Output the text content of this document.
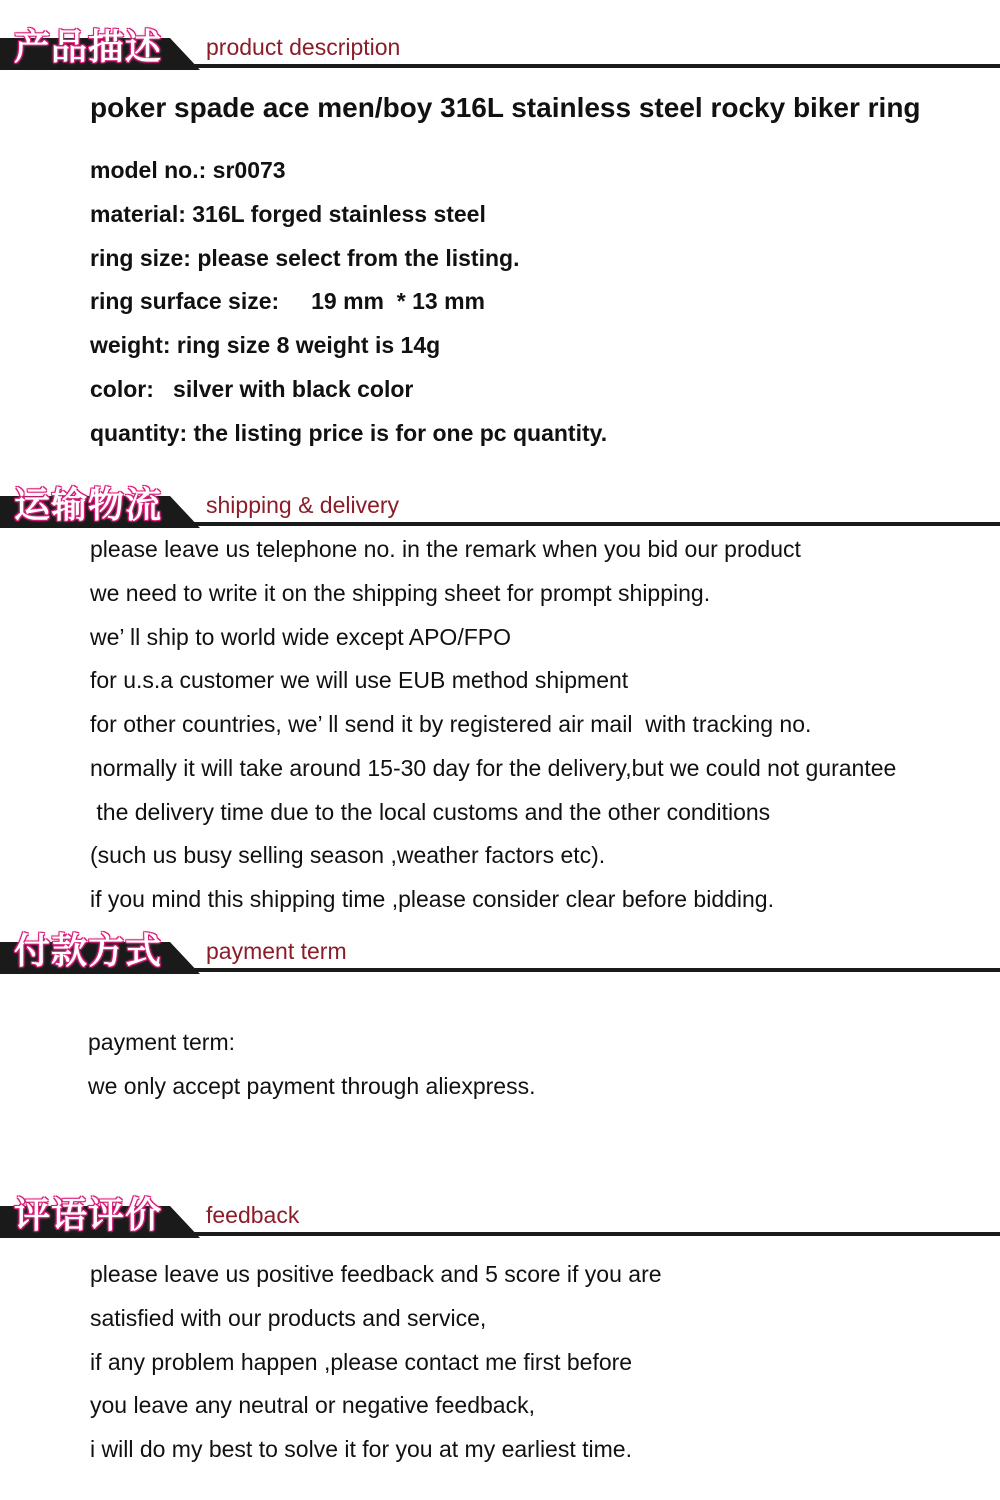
产品描述 product description
poker spade ace men/boy 316L stainless steel rocky biker ring
model no.: sr0073
material: 316L forged stainless steel
ring size: please select from the listing.
ring surface size:     19 mm  * 13 mm
weight: ring size 8 weight is 14g
color:   silver with black color
quantity: the listing price is for one pc quantity.
运输物流 shipping & delivery
please leave us telephone no. in the remark when you bid our product
we need to write it on the shipping sheet for prompt shipping.
we’ ll ship to world wide except APO/FPO
for u.s.a customer we will use EUB method shipment
for other countries, we’ ll send it by registered air mail  with tracking no.
normally it will take around 15-30 day for the delivery,but we could not gurantee
the delivery time due to the local customs and the other conditions
(such us busy selling season ,weather factors etc).
if you mind this shipping time ,please consider clear before bidding.
付款方式 payment term
payment term:
we only accept payment through aliexpress.
评语评价 feedback
please leave us positive feedback and 5 score if you are
satisfied with our products and service,
if any problem happen ,please contact me first before
you leave any neutral or negative feedback,
i will do my best to solve it for you at my earliest time.
